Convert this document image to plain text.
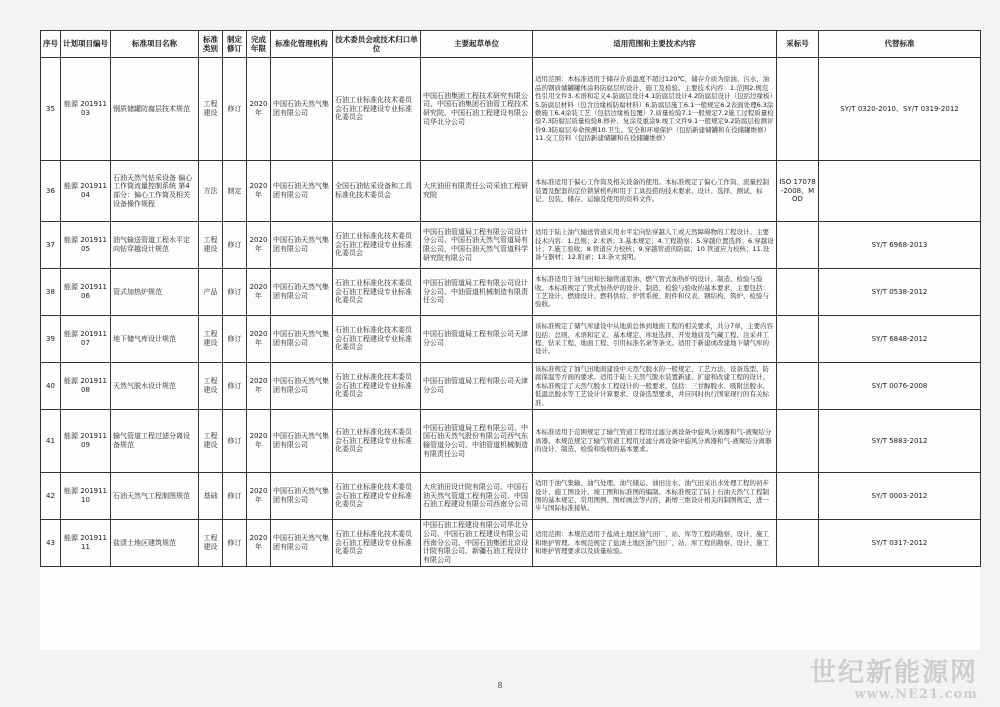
序号	计划项目编号	标准项目名称	标准类别	制定修订	完成年限	标准化管理机构	技术委员会或技术归口单位	主要起草单位	适用范围和主要技术内容	采标号	代替标准
35	能源 20191103	钢质储罐防腐层技术规范	工程建设	修订	2020年	中国石油天然气集团有限公司	石油工业标准化技术委员会石油工程建设专业标准化委员会	中国石油集团工程技术研究有限公司、中国石油集团石油管工程技术研究院、中国石油工程建设有限公司华北分公司	适用范围：本标准适用于储存介质温度不超过120℃，储存介质为原油、污水、油品的钢质储罐罐体涂料防腐层的设计、施工及检验。主要技术内容：1.范围2.规范性引用文件3.术语和定义4.防腐层设计4.1防腐层设计4.2防腐层设计（包括边缘板）5.防腐层材料（包含边缘板防腐材料）6.防腐层施工6.1一般规定6.2表面处理6.3涂敷施工6.4涂装工艺（包括边缘板包覆）7.质量检验7.1一般规定7.2施工过程质量检验7.3防腐层质量检验8.修补、复涂及重涂9.竣工文件9.1一般规定9.2防腐层检测评价9.3防腐层寿命预测10.卫生、安全和环境保护（包括新建储罐和在役储罐维修）11.交工资料（包括新建储罐和在役储罐维修）		SY/T 0320-2010、SY/T 0319-2012
36	能源 20191104	石油天然气钻采设备 偏心工作筒流量控制系统 第4部分：偏心工作筒及相关设备操作规程	方法	制定	2020年	中国石油天然气集团有限公司	全国石油钻采设备和工具标准化技术委员会	大庆油田有限责任公司采油工程研究院	本标准适用于偏心工作筒及相关设备的使用。本标准规定了偏心工作筒、流量控制装置及配套的定位锁紧机构和用于工具投捞的技术要求、设计、选择、测试、标记、包装、储存、运输及使用的资料文件。	ISO 17078-2008，MOD	
37	能源 20191105	油气输送管道工程水平定向钻穿越设计规范	工程建设	修订	2020年	中国石油天然气集团有限公司	石油工业标准化技术委员会石油工程建设专业标准化委员会	中国石油管道局工程有限公司设计分公司、中国石油天然气管道局有限公司、中国石油天然气管道科学研究院有限公司	适用于陆上油气输送管道采用水平定向钻穿越人工或天然障碍物的工程设计。主要技术内容：1.总则；2.术语；3.基本规定；4.工程勘察；5.穿越位置选择；6.穿越设计；7.施工验收；8.管道应力校核；9.穿越管道的防腐；10.管道应力校核；11.设备与器材；12.附录；13.条文说明。		SY/T 6968-2013
38	能源 20191106	管式加热炉规范	产品	修订	2020年	中国石油天然气集团有限公司	石油工业标准化技术委员会石油工程建设专业标准化委员会	中国石油管道局工程有限公司设计分公司、中油管道机械制造有限责任公司	本标准适用于油气田和长输管道原油、燃气管式加热炉的设计、制造、检验与验收。本标准规定了管式加热炉的设计、制造、检验与验收的基本要求，主要包括：工艺设计、燃烧设计、燃料供给、炉管系统、附件和仪表、钢结构、筑炉、检验与验收。		SY/T 0538-2012
39	能源 20191107	地下储气库设计规范	工程建设	修订	2020年	中国石油天然气集团有限公司	石油工业标准化技术委员会石油工程建设专业标准化委员会	中国石油管道局工程有限公司天津分公司	该标准规定了储气库建设中从地质总体到地面工程的相关要求，共分7章，主要内容包括：总则、术语和定义、基本规定、库址选择、开发地质及气藏工程、注采井工程、钻采工程、地面工程、引用标准名录等条文。适用于新建或改建地下储气库的设计。		SY/T 6848-2012
40	能源 20191108	天然气脱水设计规范	工程建设	修订	2020年	中国石油天然气集团有限公司	石油工业标准化技术委员会石油工程建设专业标准化委员会	中国石油管道局工程有限公司天津分公司	该标准规定了油气田地面建设中天然气脱水的一般规定、工艺方法、设备选型、防腐保温等方面的要求。适用于陆上天然气脱水装置新建、扩建和改建工程的设计。本标准规定了天然气脱水工程设计的一般要求，包括：三甘醇脱水、吸附法脱水、低温法脱水等工艺设计计算要求、设备选型要求，并应同时执行国家现行的有关标准。		SY/T 0076-2008
41	能源 20191109	输气管道工程过滤分离设备规范	工程建设	修订	2020年	中国石油天然气集团有限公司	石油工业标准化技术委员会石油工程建设专业标准化委员会	中国石油管道局工程有限公司、中国石油天然气股份有限公司西气东输管道分公司、中油管道机械制造有限责任公司	本标准适用于范围规定了输气管道工程用过滤分离设备中旋风分离器和气-液聚结分离器。本规范规定了输气管道工程用过滤分离设备中旋风分离器和气-液聚结分离器的设计、制造、检验和验收的基本要求。		SY/T 5883-2012
42	能源 20191110	石油天然气工程制图规范	基础	修订	2020年	中国石油天然气集团有限公司	石油工业标准化技术委员会石油工程建设专业标准化委员会	大庆油田设计院有限公司、中国石油天然气管道工程有限公司、中国石油工程建设有限公司西南分公司	适用于油气集输、油气处理、油气储运、油田注水、油气田采出水处理工程的初步设计、施工图设计、竣工图和标准图的编制。本标准规定了陆上石油天然气工程制图的基本规定、常用图例、图样画法等内容，新增三维设计相关的制图规定，进一步与国际标准接轨。		SY/T 0003-2012
43	能源 20191111	盐渍土地区建筑规范	工程建设	修订	2020年	中国石油天然气集团有限公司	石油工业标准化技术委员会石油工程建设专业标准化委员会	中国石油工程建设有限公司华北分公司、中国石油工程建设有限公司西南分公司、中国石油集团北京设计院有限公司、新疆石油工程设计有限公司	适用范围：本规范适用于盐渍土地区油气田厂、站、库等工程的勘察、设计、施工和维护管理。本规范规定了盐渍土地区油气田厂、站、库工程的勘察、设计、施工和维护管理要求以及质量检验。		SY/T 0317-2012
8	世纪新能源网
www.NE21.com
